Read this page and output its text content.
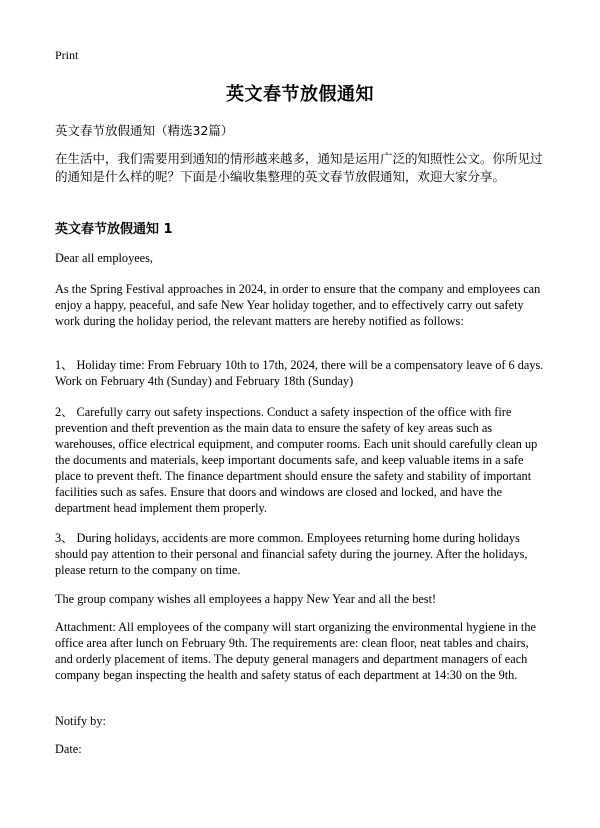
Print
英文春节放假通知
英文春节放假通知（精选32篇）
在生活中，我们需要用到通知的情形越来越多，通知是运用广泛的知照性公文。你所见过的通知是什么样的呢？下面是小编收集整理的英文春节放假通知，欢迎大家分享。
英文春节放假通知 1
Dear all employees,
As the Spring Festival approaches in 2024, in order to ensure that the company and employees can enjoy a happy, peaceful, and safe New Year holiday together, and to effectively carry out safety work during the holiday period, the relevant matters are hereby notified as follows:
1、 Holiday time: From February 10th to 17th, 2024, there will be a compensatory leave of 6 days. Work on February 4th (Sunday) and February 18th (Sunday)
2、 Carefully carry out safety inspections. Conduct a safety inspection of the office with fire prevention and theft prevention as the main data to ensure the safety of key areas such as warehouses, office electrical equipment, and computer rooms. Each unit should carefully clean up the documents and materials, keep important documents safe, and keep valuable items in a safe place to prevent theft. The finance department should ensure the safety and stability of important facilities such as safes. Ensure that doors and windows are closed and locked, and have the department head implement them properly.
3、 During holidays, accidents are more common. Employees returning home during holidays should pay attention to their personal and financial safety during the journey. After the holidays, please return to the company on time.
The group company wishes all employees a happy New Year and all the best!
Attachment: All employees of the company will start organizing the environmental hygiene in the office area after lunch on February 9th. The requirements are: clean floor, neat tables and chairs, and orderly placement of items. The deputy general managers and department managers of each company began inspecting the health and safety status of each department at 14:30 on the 9th.
Notify by:
Date:
